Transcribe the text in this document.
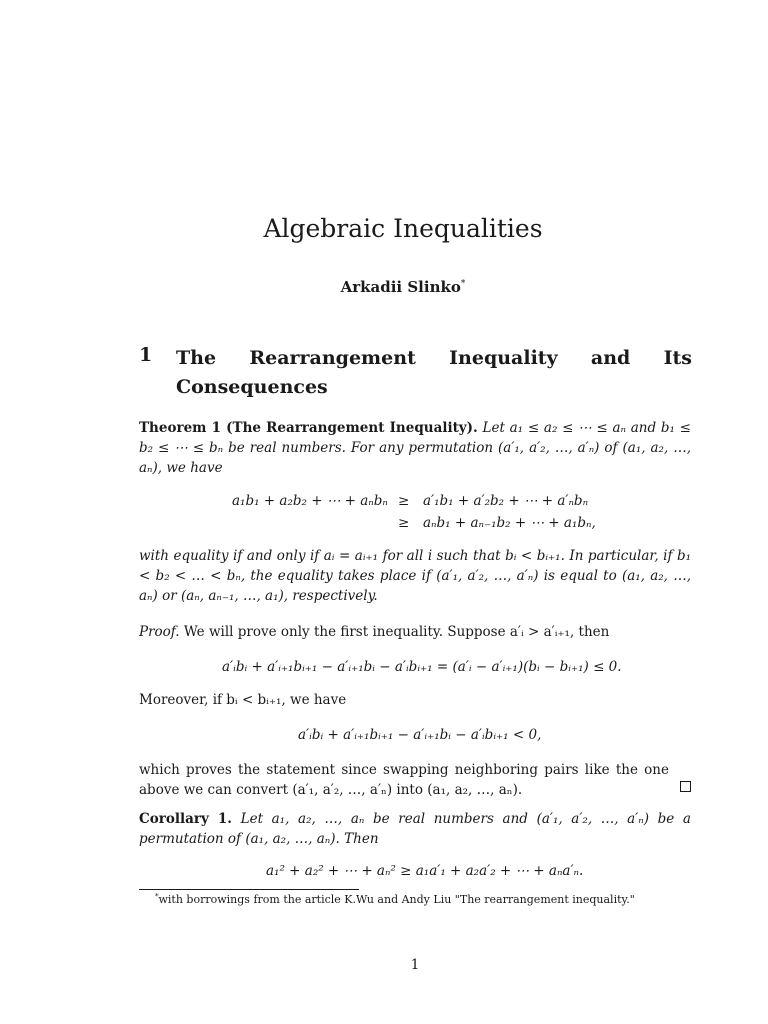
Algebraic Inequalities
Arkadii Slinko*
1 The Rearrangement Inequality and Its Consequences
Theorem 1 (The Rearrangement Inequality). Let a₁ ≤ a₂ ≤ ⋯ ≤ aₙ and b₁ ≤ b₂ ≤ ⋯ ≤ bₙ be real numbers. For any permutation (a′₁, a′₂, …, a′ₙ) of (a₁, a₂, …, aₙ), we have
a₁b₁ + a₂b₂ + ⋯ + aₙbₙ ≥ a′₁b₁ + a′₂b₂ + ⋯ + a′ₙbₙ
≥ aₙb₁ + aₙ₋₁b₂ + ⋯ + a₁bₙ,
with equality if and only if aᵢ = aᵢ₊₁ for all i such that bᵢ < bᵢ₊₁. In particular, if b₁ < b₂ < … < bₙ, the equality takes place if (a′₁, a′₂, …, a′ₙ) is equal to (a₁, a₂, …, aₙ) or (aₙ, aₙ₋₁, …, a₁), respectively.
Proof. We will prove only the first inequality. Suppose a′ᵢ > a′ᵢ₊₁, then
a′ᵢbᵢ + a′ᵢ₊₁bᵢ₊₁ − a′ᵢ₊₁bᵢ − a′ᵢbᵢ₊₁ = (a′ᵢ − a′ᵢ₊₁)(bᵢ − bᵢ₊₁) ≤ 0.
Moreover, if bᵢ < bᵢ₊₁, we have
a′ᵢbᵢ + a′ᵢ₊₁bᵢ₊₁ − a′ᵢ₊₁bᵢ − a′ᵢbᵢ₊₁ < 0,
which proves the statement since swapping neighboring pairs like the one above we can convert (a′₁, a′₂, …, a′ₙ) into (a₁, a₂, …, aₙ).
Corollary 1. Let a₁, a₂, …, aₙ be real numbers and (a′₁, a′₂, …, a′ₙ) be a permutation of (a₁, a₂, …, aₙ). Then
a₁² + a₂² + ⋯ + aₙ² ≥ a₁a′₁ + a₂a′₂ + ⋯ + aₙa′ₙ.
*with borrowings from the article K.Wu and Andy Liu "The rearrangement inequality."
1
